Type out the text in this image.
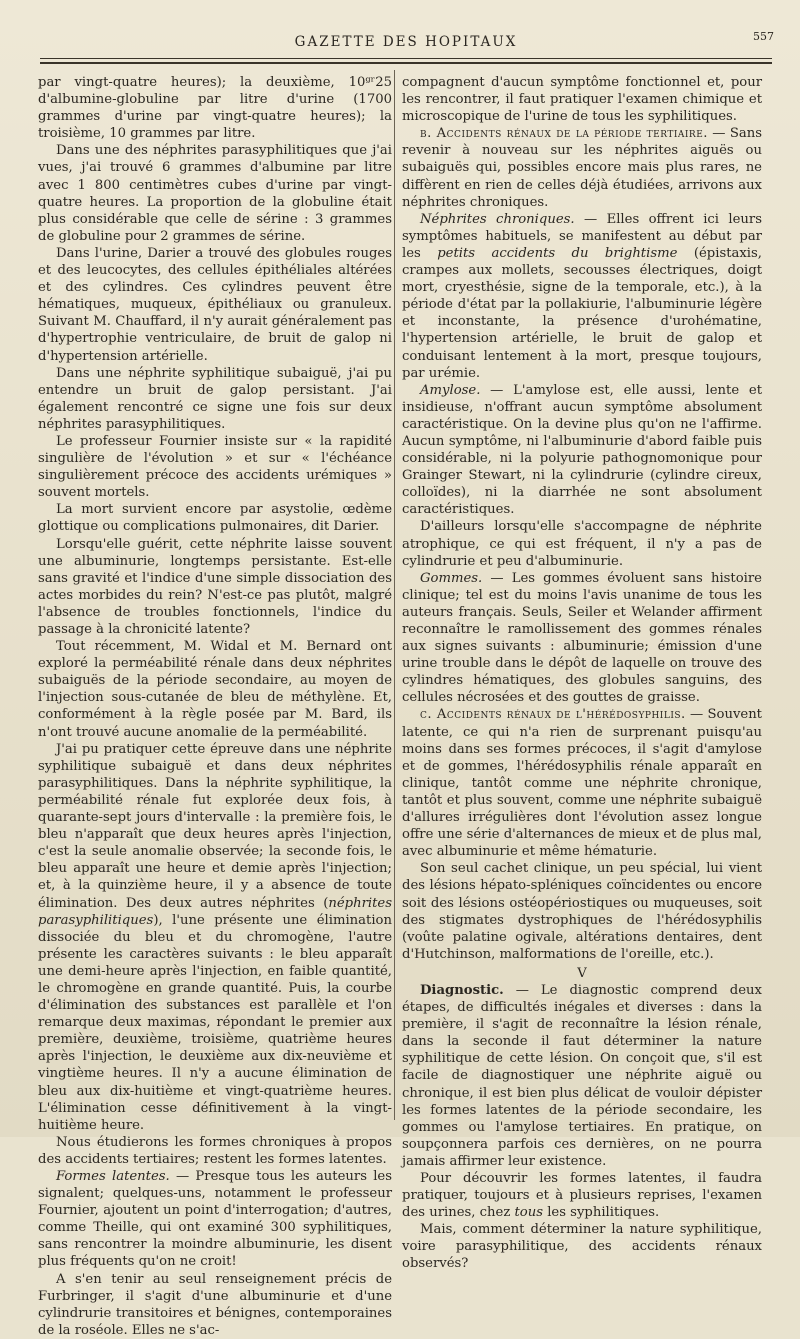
GAZETTE DES HOPITAUX	557

par vingt-quatre heures); la deuxième, 10ᵍʳ25 d'albumine-globuline par litre d'urine (1700 grammes d'urine par vingt-quatre heures); la troisième, 10 grammes par litre.

Dans une des néphrites parasyphilitiques que j'ai vues, j'ai trouvé 6 grammes d'albumine par litre avec 1 800 centimètres cubes d'urine par vingt-quatre heures. La proportion de la globuline était plus considérable que celle de sérine : 3 grammes de globuline pour 2 grammes de sérine.

Dans l'urine, Darier a trouvé des globules rouges et des leucocytes, des cellules épithéliales altérées et des cylindres. Ces cylindres peuvent être hématiques, muqueux, épithéliaux ou granuleux. Suivant M. Chauffard, il n'y aurait généralement pas d'hypertrophie ventriculaire, de bruit de galop ni d'hypertension artérielle.

Dans une néphrite syphilitique subaiguë, j'ai pu entendre un bruit de galop persistant. J'ai également rencontré ce signe une fois sur deux néphrites parasyphilitiques.

Le professeur Fournier insiste sur « la rapidité singulière de l'évolution » et sur « l'échéance singulièrement précoce des accidents urémiques » souvent mortels.

La mort survient encore par asystolie, œdème glottique ou complications pulmonaires, dit Darier.

Lorsqu'elle guérit, cette néphrite laisse souvent une albuminurie, longtemps persistante. Est-elle sans gravité et l'indice d'une simple dissociation des actes morbides du rein? N'est-ce pas plutôt, malgré l'absence de troubles fonctionnels, l'indice du passage à la chronicité latente?

Tout récemment, M. Widal et M. Bernard ont exploré la perméabilité rénale dans deux néphrites subaiguës de la période secondaire, au moyen de l'injection sous-cutanée de bleu de méthylène. Et, conformément à la règle posée par M. Bard, ils n'ont trouvé aucune anomalie de la perméabilité.

J'ai pu pratiquer cette épreuve dans une néphrite syphilitique subaiguë et dans deux néphrites parasyphilitiques. Dans la néphrite syphilitique, la perméabilité rénale fut explorée deux fois, à quarante-sept jours d'intervalle : la première fois, le bleu n'apparaît que deux heures après l'injection, c'est la seule anomalie observée; la seconde fois, le bleu apparaît une heure et demie après l'injection; et, à la quinzième heure, il y a absence de toute élimination. Des deux autres néphrites (néphrites parasyphilitiques), l'une présente une élimination dissociée du bleu et du chromogène, l'autre présente les caractères suivants : le bleu apparaît une demi-heure après l'injection, en faible quantité, le chromogène en grande quantité. Puis, la courbe d'élimination des substances est parallèle et l'on remarque deux maximas, répondant le premier aux première, deuxième, troisième, quatrième heures après l'injection, le deuxième aux dix-neuvième et vingtième heures. Il n'y a aucune élimination de bleu aux dix-huitième et vingt-quatrième heures. L'élimination cesse définitivement à la vingt-huitième heure.

Nous étudierons les formes chroniques à propos des accidents tertiaires; restent les formes latentes.

Formes latentes. — Presque tous les auteurs les signalent; quelques-uns, notamment le professeur Fournier, ajoutent un point d'interrogation; d'autres, comme Theille, qui ont examiné 300 syphilitiques, sans rencontrer la moindre albuminurie, les disent plus fréquents qu'on ne croit!

A s'en tenir au seul renseignement précis de Furbringer, il s'agit d'une albuminurie et d'une cylindrurie transitoires et bénignes, contemporaines de la roséole. Elles ne s'ac-

compagnent d'aucun symptôme fonctionnel et, pour les rencontrer, il faut pratiquer l'examen chimique et microscopique de l'urine de tous les syphilitiques.

b. Accidents rénaux de la période tertiaire. — Sans revenir à nouveau sur les néphrites aiguës ou subaiguës qui, possibles encore mais plus rares, ne diffèrent en rien de celles déjà étudiées, arrivons aux néphrites chroniques.

Néphrites chroniques. — Elles offrent ici leurs symptômes habituels, se manifestent au début par les petits accidents du brightisme (épistaxis, crampes aux mollets, secousses électriques, doigt mort, cryesthésie, signe de la temporale, etc.), à la période d'état par la pollakiurie, l'albuminurie légère et inconstante, la présence d'urohématine, l'hypertension artérielle, le bruit de galop et conduisant lentement à la mort, presque toujours, par urémie.

Amylose. — L'amylose est, elle aussi, lente et insidieuse, n'offrant aucun symptôme absolument caractéristique. On la devine plus qu'on ne l'affirme. Aucun symptôme, ni l'albuminurie d'abord faible puis considérable, ni la polyurie pathognomonique pour Grainger Stewart, ni la cylindrurie (cylindre cireux, colloïdes), ni la diarrhée ne sont absolument caractéristiques.

D'ailleurs lorsqu'elle s'accompagne de néphrite atrophique, ce qui est fréquent, il n'y a pas de cylindrurie et peu d'albuminurie.

Gommes. — Les gommes évoluent sans histoire clinique; tel est du moins l'avis unanime de tous les auteurs français. Seuls, Seiler et Welander affirment reconnaître le ramollissement des gommes rénales aux signes suivants : albuminurie; émission d'une urine trouble dans le dépôt de laquelle on trouve des cylindres hématiques, des globules sanguins, des cellules nécrosées et des gouttes de graisse.

c. Accidents rénaux de l'hérédosyphilis. — Souvent latente, ce qui n'a rien de surprenant puisqu'au moins dans ses formes précoces, il s'agit d'amylose et de gommes, l'hérédosyphilis rénale apparaît en clinique, tantôt comme une néphrite chronique, tantôt et plus souvent, comme une néphrite subaiguë d'allures irrégulières dont l'évolution assez longue offre une série d'alternances de mieux et de plus mal, avec albuminurie et même hématurie.

Son seul cachet clinique, un peu spécial, lui vient des lésions hépato-spléniques coïncidentes ou encore soit des lésions ostéopériostiques ou muqueuses, soit des stigmates dystrophiques de l'hérédosyphilis (voûte palatine ogivale, altérations dentaires, dent d'Hutchinson, malformations de l'oreille, etc.).

V

Diagnostic. — Le diagnostic comprend deux étapes, de difficultés inégales et diverses : dans la première, il s'agit de reconnaître la lésion rénale, dans la seconde il faut déterminer la nature syphilitique de cette lésion. On conçoit que, s'il est facile de diagnostiquer une néphrite aiguë ou chronique, il est bien plus délicat de vouloir dépister les formes latentes de la période secondaire, les gommes ou l'amylose tertiaires. En pratique, on soupçonnera parfois ces dernières, on ne pourra jamais affirmer leur existence.

Pour découvrir les formes latentes, il faudra pratiquer, toujours et à plusieurs reprises, l'examen des urines, chez tous les syphilitiques.

Mais, comment déterminer la nature syphilitique, voire parasyphilitique, des accidents rénaux observés?
